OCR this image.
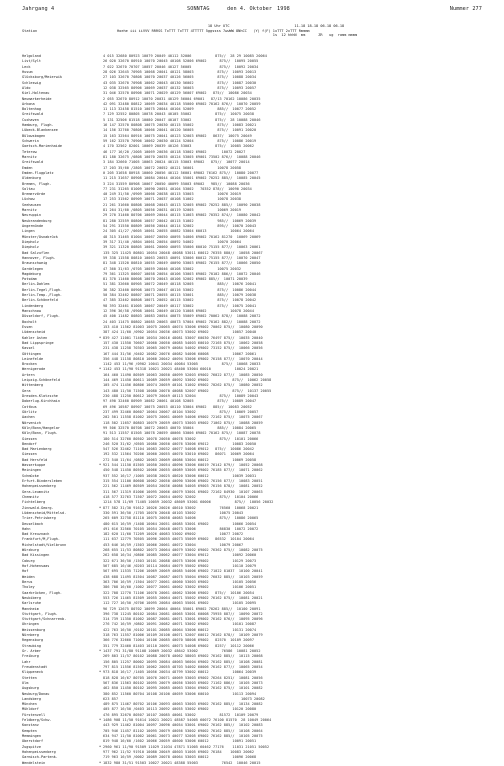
Jahrgang 4	SONNTAG	den 4. Oktober 1998	Nummer 277

Station

18 Uhr UTC                              11-18 18-18 06-18 06-18
Hoehe iii iiVVV RRRSS TxTTT TxTTT 4TTTTT 5ggssss 7wwWW 8NhCC   (Y) f(F) 1xTTT 2xTTT Rmmmm
1s  12 hhhN  mm      ZR   ug  ramm mmmm

Helgoland	4 015 32680 80923 10079 20049 40112 52006           875//  28 29 10085 20064
List/Sylt	26 020 32670 80910 10070 20045 40108 52006 69002      875//  10095 20055
Leck	7 022 32670 70707 10057 20046 40127 56005             875//  10092 20034
Husum	28 026 32645 70905 10068 20041 40121 58003           875//  10093 20013
Glücksburg/Meierwik	27 103 32670 70808 10070 20037 40126 56005           875//  10088 20034
Schleswig	43 035 32670 70908 10062 20043 40130 56002           875//  10087 20030
Aldo	12 038 32565 80906 10069 20037 40132 56003           875//  10093 20057
Kiel-Holtenau	31 046 32570 80906 10071 20029 40129 56007 69002   875//  10086 20034
Neumarkerheide	2 055 32670 80912 10070 20031 40129 56004 69001   87/13 70162 10086 20035
Arkona	42 091 32480 80812 10069 20034 40118 55000 69002 70162 876//  10070 20059
Boltenhag	11 113 32458 81510 10075 20044 40104 52009           885//  10077 20052
Greifswald	7 129 32552 80805 10078 20043 40105 55002           875//  10075 20038
Cuxhaven	5 131 32506 81518 10080 20047 40107 53002           875//  28 10088 20046
Hamburg, Flugh.	16 147 32570 80808 10075 20030 40115 55002           875//  10083 20021
Lübeck-Blankensee	14 156 32760 70808 10066 20041 40120 56005           875//  10091 20020
Bülowsbagen	15 163 32564 80916 10075 20041 40123 52003 69002   8637/  10075 20049
Schwerin	59 162 32570 70906 10062 20030 40124 52004           875//  10086 20019
Goetsch-Marienhaide	4 170 32562 82001 10069 20039 40126 53003           875//  10085 20062
Teterow	46 177 16/20 /2005 10069 20036 40118 53002 69002       10072 20027
Marnitz	81 180 32675 /0808 10070 20035 40124 53005 69001 73502 876//  10088 20046
Greifswald	3 184 32660 71005 10063 20024 40115 53003 69002   875//  10077 20014
Emden	17 203 35/60 /2805 10072 20052 40121 56001           10078 20058
Emden-Flugplatz	0 205 31658 80918 10060 20056 40112 56001 69002 76162 875//  10080 20077
Oldenburg	11 215 31657 80908 10084 20044 40104 55001 69002 70252 885//  10085 20045
Bremen, Flugh.	3 224 31559 80908 10067 20050 40099 55003 69002   985//  10088 20036
Soltau	77 231 31265 81009 10090 20051 40104 53002   70352 878//  10090 20034
Bremervörde	40 249 31/50 /0909 10066 20038 40115 53003           10076 20019
Lüchow	17 253 31562 80909 10071 20037 40108 51002           10078 20038
Seehausen	21 261 31660 80808 10068 20043 40113 52005 69002 70252 885//  10090 20038
Marnitz	81 264 31/60 /0805 10056 20031 40119 52005           10069 20019
Neuruppin	29 270 31460 80706 10069 20044 40115 51003 69002 70352 874//  10080 20042
Neubrandenburg	81 280 32559 80806 10057 20042 40115 51002           985//  10069 20039
Angermünde	54 291 31550 80809 10056 20044 40114 52002           895//  10070 20043
Lingen	24 305 41/27 /0605 10061 20055 40082 53004 60013           10064 20064
Münster/Osnabrück	48 315 31465 81004 10067 20050 40095 54006 69002 70162 81270  10069 20069
Diepholz	39 317 31/40 /0804 10061 20054 40092 54002           10070 20064
Diepholz	39 321 11320 80805 10061 20060 40093 55006 60010 75155 877//  10063 20061
Bad Salzuflen	135 325 11425 80801 10054 20048 40088 53011 60012 76355 880//  10058 20067
Hannover, Flugh.	59 338 11558 80810 10063 20053 40091 53006 60012 75155 877//  10070 20047
Braunschweig	81 348 11520 80810 10055 20049 40090 53003 69002 76155 877//  10066 20050
Gardelegen	47 360 31/63 /0705 10059 20046 40108 53002           10075 20032
Magdeburg	79 361 11325 80607 10058 20054 40106 53003 69002 70102 886//  10072 20046
Potsdam	81 370 11460 80608 10070 20043 40106 52002 69002 885//  10071 20039
Berlin-Dahlem	51 381 32660 80905 10072 20049 40118 52005           885//  10076 20041
Berlin-Tegel,Flugh.	36 382 32460 80908 10073 20047 40116 53002           875//  10086 20044
Berlin-Temp.,Flugh.	50 384 32462 80807 10071 20055 40115 53001           885//  10079 20038
Berlin-Schönefeld	47 385 32462 80808 10071 20052 40115 53002           875//  10078 20042
Lindenberg	98 393 32461 81005 10067 20049 40117 53002           875//  10075 20041
Manschnow	12 396 36/58 /0908 10061 20049 40120 51008 69002           10078 20044
Düsseldorf, Flugh.	45 400 11482 80803 10083 20054 40075 55009 69002 70062 878//  10088 20072
Bocholt	24 403 11475 80802 10085 20063 40073 57004 69002 70162 882//  10088 20072
Essen	153 410 11562 81003 10075 20065 40074 53006 69002 70062 875//  10080 20090
Lüdenscheid	387 424 11/60 /0902 10054 20036 40073 53002 69002           10057 20040
Kahler Asten	* 839 427 11001 71406 10034 20016 48081 53007 60030 76497 875//  10035 20040
Bad Lippspringe	157 430 11550 70607 10060 20050 40085 54003 60010 72165 875//  10062 20058
Kassel	231 438 11258 70303 10065 20079 40084 54002 69002 73152 875//  10066 20056
Göttingen	167 444 31/56 /0402 10082 20076 40082 54006 60008           10067 20061
Leinefelde	356 448 11158 80810 10060 20042 40094 53006 69002 76158 877//  10070 20044
Brocken	1142 453 11/96 /0902 10041 20034 40084 53005           875//  10068 20033
Wernigerode	* 1142 453 11/90 91318 10021 20021 48400 53004 60010           10024 20021
Artern	164 460 11490 80509 10063 20050 40099 52003 69002 76022 877//  10085 20050
Leipzig-Schönefeld	144 469 11450 80611 10089 20059 40092 53002 69002           875//  10062 20058
Wittenberg	105 474 11456 80806 10074 20059 40101 51002 69002 70262 875//  10080 20052
Gera	143 480 11/50 71508 10080 20070 40088 52007 69002           875//  10137 20055
Dresden-Klotzsche	230 488 11250 80612 10079 20049 40113 52004           875//  10089 20043
Doberlug-Kirchhain	97 490 32460 80909 10082 20061 40108 52005           875//  10089 20047
Cottbus	69 496 10587 80907 10075 20053 40110 53004 69002   885//  10083 20052
Görlitz	237 499 32460 80607 10064 20067 40104 53002           875//  10069 20057
Aachen	202 501 11558 81002 10075 20061 40069 54006 69002 72162 875//  10075 20067
Nörvenich	118 502 11657 80803 10079 20059 40073 53003 69002 71062 875//  10088 20059
Köln/Bonn/Hangelar	99 506 32570 80708 10072 20063 40070 55004           885//  10084 20065
Köln/Bonn, Flugh.	91 513 11557 81505 10078 20059 40066 53006 69002 70162 875//  10087 20078
Giessen	180 514 32760 80502 10078 20050 40078 53002           875//  10101 20066
Bendorf	246 520 31/62 /0505 10080 20050 40076 53006 69012           10083 20050
Bad Marienberg	547 526 32462 71104 10083 20032 40077 54008 69012   875//  10086 20042
Giessen	192 532 11564 70206 10060 20055 40070 53010 69002   86071  10069 20064
Bad Hersfeld	272 540 11/64 /0802 10063 20069 40086 53004 60012           10069 20058
Wasserkuppe	* 921 544 11150 81505 10050 20054 48096 53006 60019 76142 879//  10052 20068
Meiningen	450 548 11450 80502 10066 20055 40089 53005 69002 76185 877//  10071 20062
Schmücke	937 552 16/17 /1005 10038 20025 48620 53006 60012           10039 20031
Erfurt-Bindersleben	315 554 11100 80608 10062 20050 40090 53006 69002 76156 877//  10083 20051
Hohenpeissenberg	221 562 11469 80509 10054 20036 40086 54005 69003 76156 878//  10081 20052
Gera-Leumnitz	311 567 11319 81006 10095 20066 40079 53001 69002 72162 84930  10107 20063
Chemnitz	418 577 32763 71507 10072 20054 40092 52002           875//  10104 20066
Fichtelberg	1214 578 11/69 71405 10059 20032 48609 53001 60006           875//  10056 20032
Zinnwald-Georg.	* 877 582 31/30 91612 10026 20026 48610 53002           76560  10068 20021
Lüdenscheid/Mittelsd.	330 591 36/50 /1705 10070 20048 40103 53002           10075 20043
Trier-Petrisberg	265 609 32758 81110 10075 20058 40083 54006           875//  10086 20065
Deuselbach	480 615 16/59 /1408 10064 20051 40085 53001 69002           10066 20054
Hahn	491 616 32560 70105 10054 20048 40073 53006           86830  10072 20072
Bad Kreuznach	182 620 11/60 71209 10026 40083 53002 69002           10077 20072
Frankfurt/M,Flugh.	111 637 12779 70505 10096 20055 40073 55009 69002   86532  10104 20064
Michelstadt/Vielbrunn	453 646 16/59 /1503 10066 20061 40072 53004           10079 20067
Würzburg	268 655 11/53 80802 10073 20064 40079 53002 69002 76362 875//  10082 20075
Bad Kissingen	262 658 16/34 /0806 10085 20062 40077 53004 69012           10092 20060
Coburg	322 671 36/50 /1503 10101 20088 40075 53006 69002           10129 20073
Hof-Hohensaas	567 685 16/46 /0203 10114 20084 40079 55002 69002           10110 20079
Hof	567 695 11535 71206 10069 20069 40085 54006 69002 71022 81037  10100 20041
Weiden	438 688 11495 81504 10087 20087 40075 55004 69002 76032 885//  10103 20059
Berus	363 706 16/59 /1504 10077 20061 40060 53003 69002           10105 20056
Tholey	386 708 16/60 /1002 10077 20061 40062 53002 69002           10106 20051
Saarbrücken, Flugh.	322 708 12770 71106 10078 20061 40062 53006 69002   875//  10106 20054
Neubiberg	553 726 11465 81509 10055 20064 40071 55002 69002 76162 875//  10081 20021
Karlsruhe	112 727 16/50 /0706 10095 20084 40063 55001 69002           10105 20095
Mannheim	96 729 12675 80702 10099 20064 40064 55001 69002 70262 885//  10100 20091
Stuttgart, Flugh.	396 738 11245 80102 10084 20081 40065 53001 60008 75955 887//  10090 20072
Stuttgart/Schnarrenb.	314 739 11350 81002 10087 20081 40071 53001 69002 76162 876//  10095 20096
Öhringen	276 742 16/59 /0802 10091 20082 40071 53002 69002           10101 20087
Weissenburg	422 763 16/50 /0102 10101 20085 40064 53006 60012           10131 20074
Nürnberg	318 763 11557 81006 10109 20100 40071 52007 60012 76162 878//  10109 20079
Regensburg	366 776 32660 71004 10106 20085 40070 58008 69002   82570  10109 20097
Straubing	351 779 32460 81403 10110 20091 40073 54008 69002   8257/  10112 20066
Gr. Arber	* 1437 791 31/80 91108 10069 20032 48642 53002           76586  10081 20052
Freiburg	269 803 11/57 80102 10088 20078 40062 58003 69002 76162 885//  10115 20068
Lahr	156 805 11257 80002 10095 20084 40063 56004 69002 76162 885//  10108 20081
Freudenstadt	797 815 11556 81503 10062 20055 48703 54002 60006 76162 877//  10065 20054
Klippeneck	* 973 818 16/17 /1405 10056 20034 48799 53002 60012           10064 20039
Stetten	818 828 16/67 80705 10076 20071 40069 53003 69002 76264 8251/  10081 20056
Ulm	567 836 11563 80102 10095 20079 40056 53003 69002 71162 886//  10105 20073
Augsburg	462 850 11450 80102 10095 20085 40063 53004 69002 76162 875//  10101 20082
Neuburg/Donau	380 852 11560 80704 10108 20100 40059 53006 60010           10113 20094
Landsberg	623 857                                                         10073 20082
München	489 875 11467 80702 10106 20093 40063 53003 69002 76162 885//  10134 20082
Mühldorf	405 877 16/50 /0403 10113 20092 40055 53002 69002           10120 20080
Fürstenzell	476 895 32670 80507 10107 20085 40061 53002           81572  10109 20079
Feldberg/Schw.	* 1486 908 11/50 91614 10021 20021 48587 54005 60072 76100 81570  28 10049 20064
Konstanz	443 929 11462 81004 10097 20090 40054 53001 69002 76162 885//  10102 20083
Kempten	705 946 11457 81102 10095 20079 40056 53002 69002 76162 885//  10108 20064
Memmingen	634 947 11/50 81002 10061 20073 40077 52005 69002 76162 885//  10105 20075
Oberstdorf	819 948 16/60 /1602 10066 20059 48600 53006 60012           10091 20051
Zugspitze	* 2960 961 11/90 91509 11029 21034 47871 51005 60462 77176    11031 21051 50052
Hohenpeissenberg	977 962 11/52 91910 10080 20049 48603 51005 69002 76184    10083 20062
Garmisch-Partenk.	719 963 16/59 /0002 10089 20078 40064 53003 60012           10096 20068
Wendelstein	* 1832 980 31/51 91503 10027 20021 48388 55003           76542  10046 20015
